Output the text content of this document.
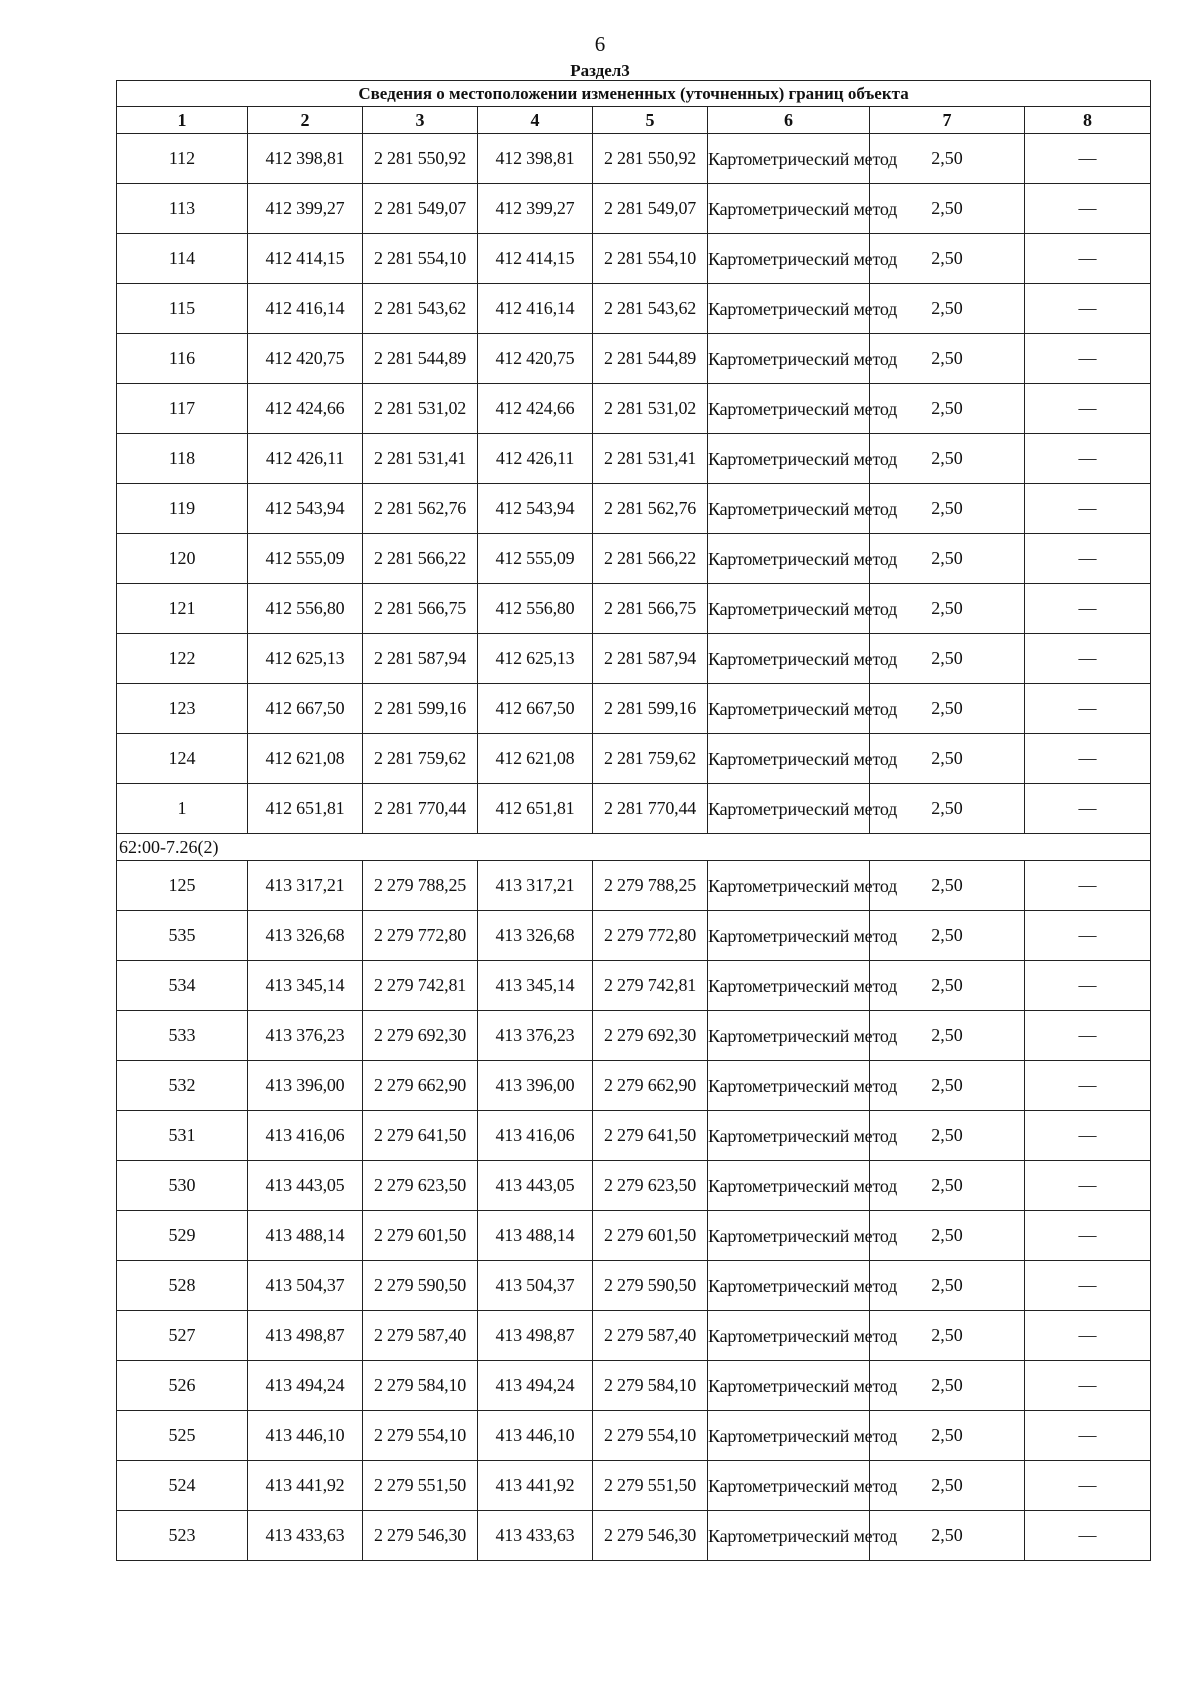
6
Раздел3
Сведения о местоположении измененных (уточненных) границ объекта							
1	2	3	4	5	6	7	8
112	412 398,81	2 281 550,92	412 398,81	2 281 550,92	Картометрический метод	2,50	—
113	412 399,27	2 281 549,07	412 399,27	2 281 549,07	Картометрический метод	2,50	—
114	412 414,15	2 281 554,10	412 414,15	2 281 554,10	Картометрический метод	2,50	—
115	412 416,14	2 281 543,62	412 416,14	2 281 543,62	Картометрический метод	2,50	—
116	412 420,75	2 281 544,89	412 420,75	2 281 544,89	Картометрический метод	2,50	—
117	412 424,66	2 281 531,02	412 424,66	2 281 531,02	Картометрический метод	2,50	—
118	412 426,11	2 281 531,41	412 426,11	2 281 531,41	Картометрический метод	2,50	—
119	412 543,94	2 281 562,76	412 543,94	2 281 562,76	Картометрический метод	2,50	—
120	412 555,09	2 281 566,22	412 555,09	2 281 566,22	Картометрический метод	2,50	—
121	412 556,80	2 281 566,75	412 556,80	2 281 566,75	Картометрический метод	2,50	—
122	412 625,13	2 281 587,94	412 625,13	2 281 587,94	Картометрический метод	2,50	—
123	412 667,50	2 281 599,16	412 667,50	2 281 599,16	Картометрический метод	2,50	—
124	412 621,08	2 281 759,62	412 621,08	2 281 759,62	Картометрический метод	2,50	—
1	412 651,81	2 281 770,44	412 651,81	2 281 770,44	Картометрический метод	2,50	—
62:00-7.26(2)							
125	413 317,21	2 279 788,25	413 317,21	2 279 788,25	Картометрический метод	2,50	—
535	413 326,68	2 279 772,80	413 326,68	2 279 772,80	Картометрический метод	2,50	—
534	413 345,14	2 279 742,81	413 345,14	2 279 742,81	Картометрический метод	2,50	—
533	413 376,23	2 279 692,30	413 376,23	2 279 692,30	Картометрический метод	2,50	—
532	413 396,00	2 279 662,90	413 396,00	2 279 662,90	Картометрический метод	2,50	—
531	413 416,06	2 279 641,50	413 416,06	2 279 641,50	Картометрический метод	2,50	—
530	413 443,05	2 279 623,50	413 443,05	2 279 623,50	Картометрический метод	2,50	—
529	413 488,14	2 279 601,50	413 488,14	2 279 601,50	Картометрический метод	2,50	—
528	413 504,37	2 279 590,50	413 504,37	2 279 590,50	Картометрический метод	2,50	—
527	413 498,87	2 279 587,40	413 498,87	2 279 587,40	Картометрический метод	2,50	—
526	413 494,24	2 279 584,10	413 494,24	2 279 584,10	Картометрический метод	2,50	—
525	413 446,10	2 279 554,10	413 446,10	2 279 554,10	Картометрический метод	2,50	—
524	413 441,92	2 279 551,50	413 441,92	2 279 551,50	Картометрический метод	2,50	—
523	413 433,63	2 279 546,30	413 433,63	2 279 546,30	Картометрический метод	2,50	—
